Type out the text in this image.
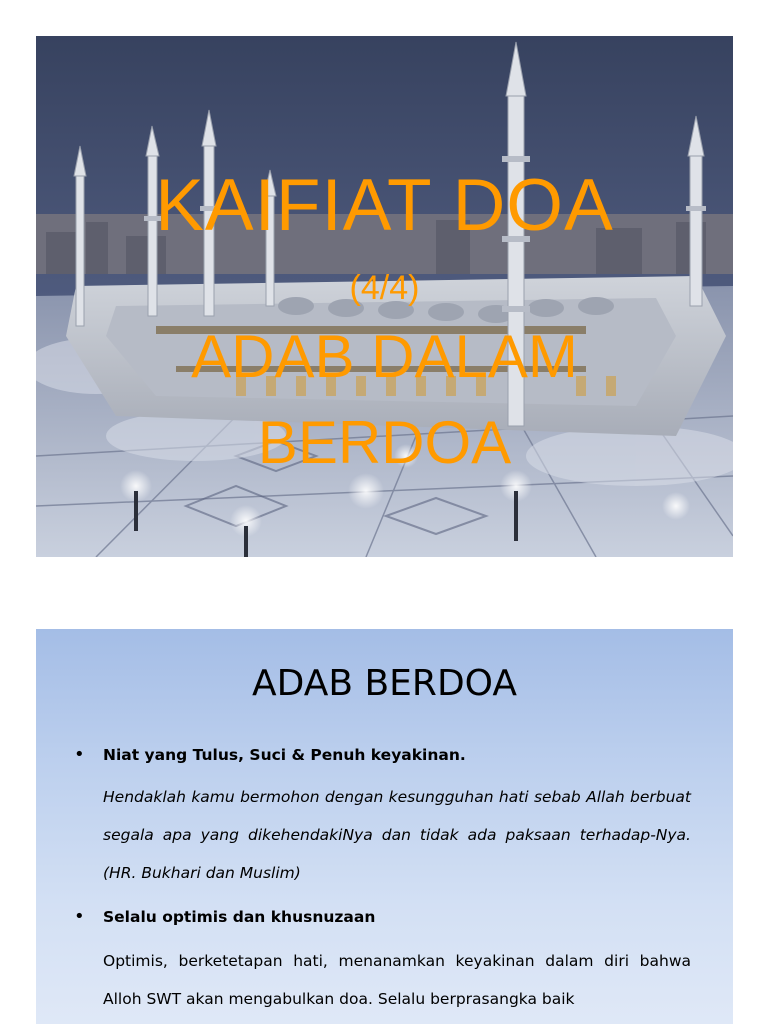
KAIFIAT DOA
(4/4)
ADAB DALAM
BERDOA
ADAB BERDOA
• Niat yang Tulus, Suci & Penuh keyakinan.
Hendaklah kamu bermohon dengan kesungguhan hati sebab Allah berbuat segala apa yang dikehendakiNya dan tidak ada paksaan terhadap-Nya. (HR. Bukhari dan Muslim)
• Selalu optimis dan khusnuzaan
Optimis, berketetapan hati, menanamkan keyakinan dalam diri bahwa Alloh SWT akan mengabulkan doa. Selalu berprasangka baik
